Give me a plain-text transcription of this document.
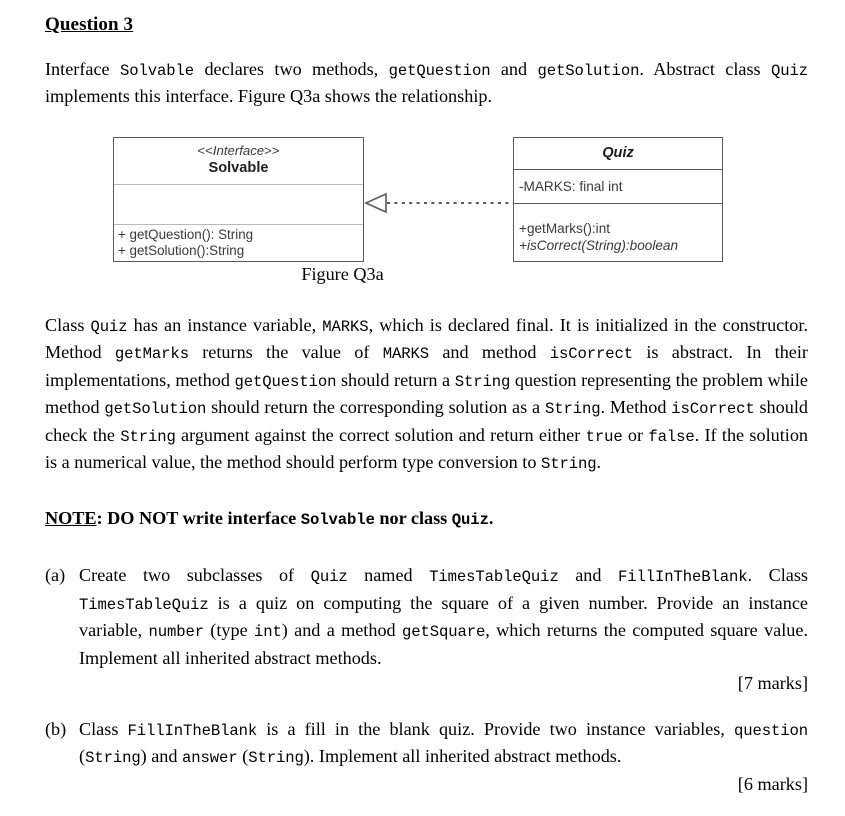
Question 3

Interface Solvable declares two methods, getQuestion and getSolution. Abstract class Quiz implements this interface. Figure Q3a shows the relationship.

<<Interface>>
Solvable
+ getQuestion(): String
+ getSolution():String
Quiz
-MARKS: final int
+getMarks():int
+isCorrect(String):boolean
Figure Q3a

Class Quiz has an instance variable, MARKS, which is declared final. It is initialized in the constructor. Method getMarks returns the value of MARKS and method isCorrect is abstract. In their implementations, method getQuestion should return a String question representing the problem while method getSolution should return the corresponding solution as a String. Method isCorrect should check the String argument against the correct solution and return either true or false. If the solution is a numerical value, the method should perform type conversion to String.

NOTE: DO NOT write interface Solvable nor class Quiz.

(a) Create two subclasses of Quiz named TimesTableQuiz and FillInTheBlank. Class TimesTableQuiz is a quiz on computing the square of a given number. Provide an instance variable, number (type int) and a method getSquare, which returns the computed square value. Implement all inherited abstract methods.
[7 marks]
(b) Class FillInTheBlank is a fill in the blank quiz. Provide two instance variables, question (String) and answer (String). Implement all inherited abstract methods.
[6 marks]
